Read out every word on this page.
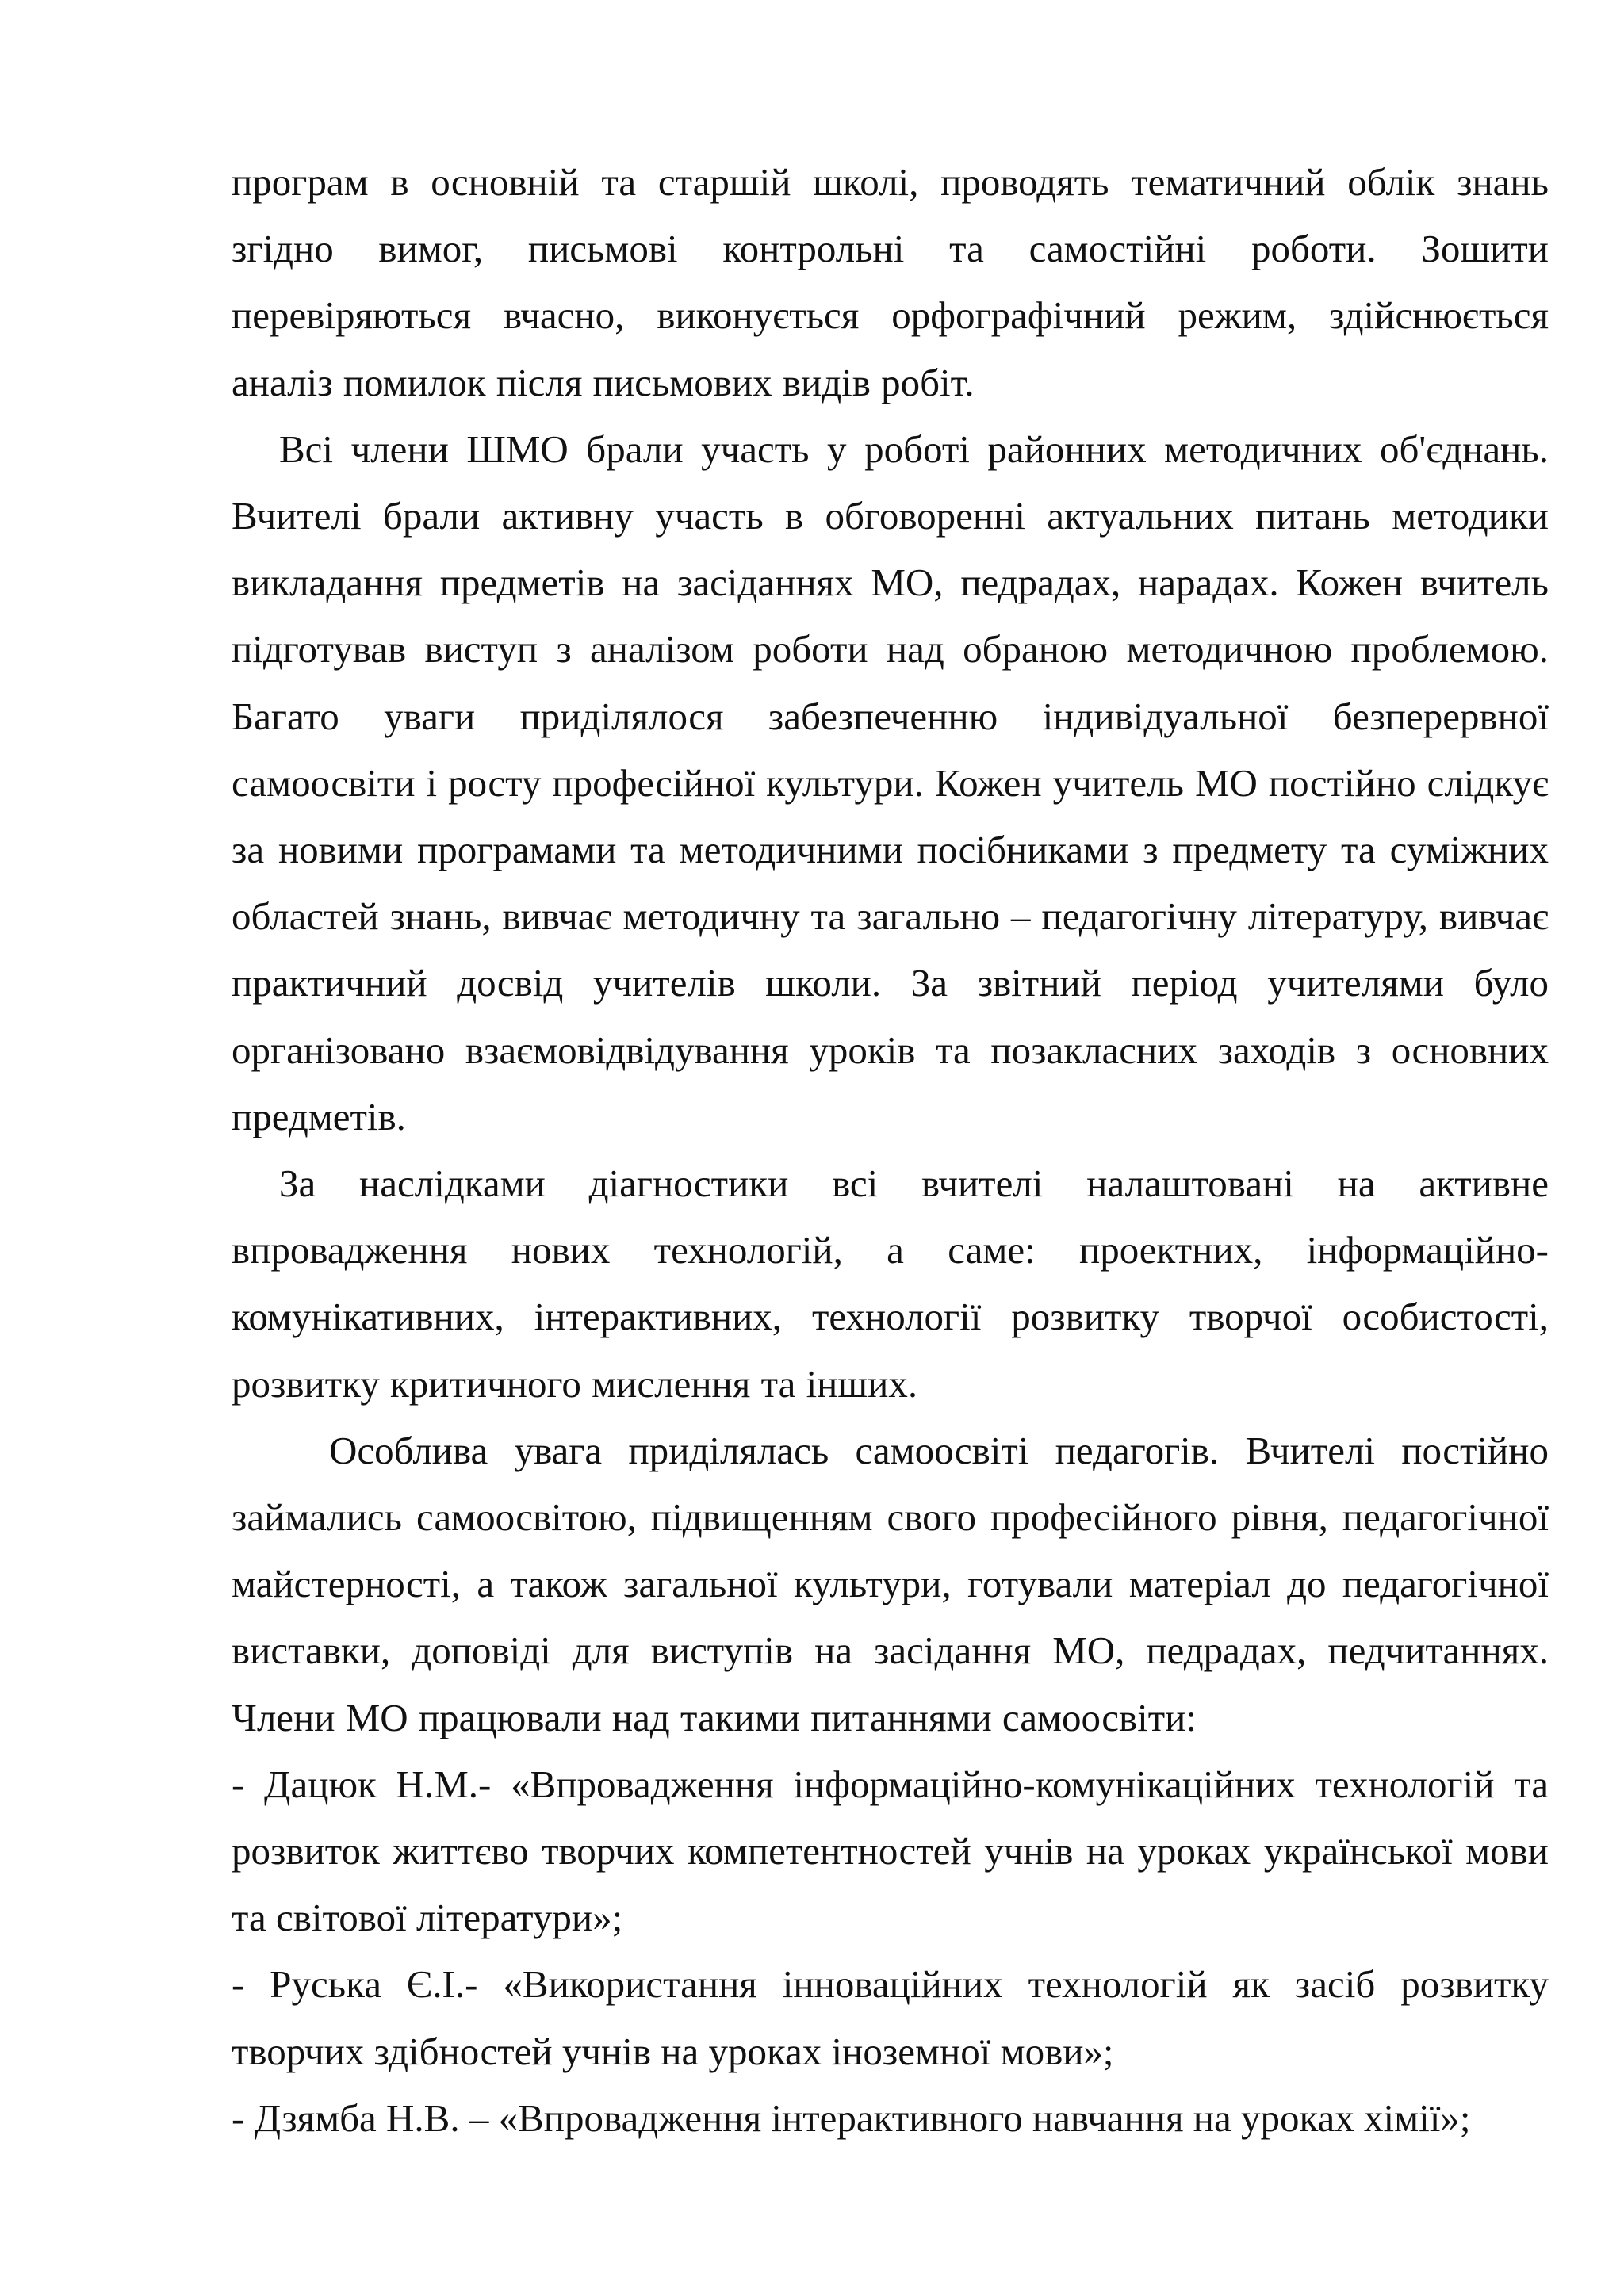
програм в основній та старшій школі, проводять тематичний облік знань згідно вимог, письмові контрольні та самостійні роботи. Зошити перевіряються вчасно, виконується орфографічний режим, здійснюється аналіз помилок після письмових видів робіт.

Всі члени ШМО брали участь у роботі районних методичних об'єднань. Вчителі брали активну участь в обговоренні актуальних питань методики викладання предметів на засіданнях МО, педрадах, нарадах. Кожен вчитель підготував виступ з аналізом роботи над обраною методичною проблемою. Багато уваги приділялося забезпеченню індивідуальної безперервної самоосвіти і росту професійної культури. Кожен учитель МО постійно слідкує за новими програмами та методичними посібниками з предмету та суміжних областей знань, вивчає методичну та загально – педагогічну літературу, вивчає практичний досвід учителів школи. За звітний період учителями було організовано взаємовідвідування уроків та позакласних заходів з основних предметів.

За наслідками діагностики всі вчителі налаштовані на активне впровадження нових технологій, а саме: проектних, інформаційно-комунікативних, інтерактивних, технології розвитку творчої особистості, розвитку критичного мислення та інших.

Особлива увага приділялась самоосвіті педагогів. Вчителі постійно займались самоосвітою, підвищенням свого професійного рівня, педагогічної майстерності, а також загальної культури, готували матеріал до педагогічної виставки, доповіді для виступів на засідання МО, педрадах, педчитаннях. Члени МО працювали над такими питаннями самоосвіти:

- Дацюк Н.М.- «Впровадження інформаційно-комунікаційних технологій та розвиток життєво творчих компетентностей учнів на уроках української мови та світової літератури»;

- Руська Є.І.- «Використання інноваційних технологій як засіб розвитку творчих здібностей учнів на уроках іноземної мови»;

- Дзямба Н.В. – «Впровадження інтерактивного навчання на уроках хімії»;
